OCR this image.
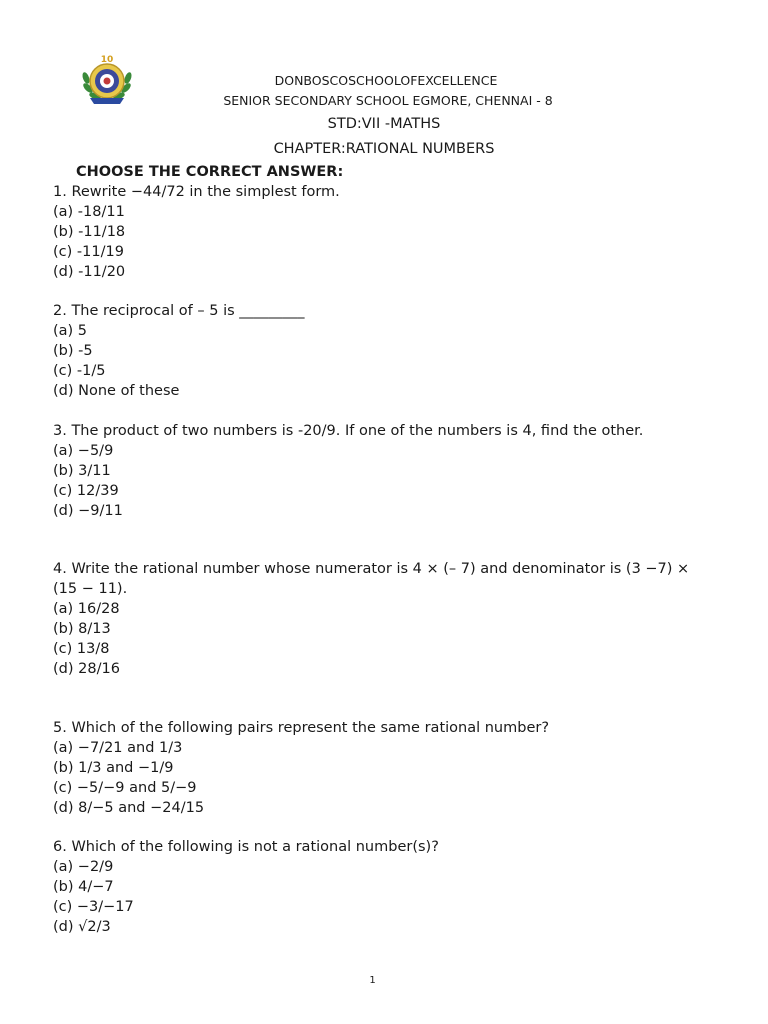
10
DONBOSCOSCHOOLOFEXCELLENCE
SENIOR SECONDARY SCHOOL EGMORE, CHENNAI - 8
STD:VII -MATHS
CHAPTER:RATIONAL NUMBERS
CHOOSE THE CORRECT ANSWER:
1. Rewrite −44/72 in the simplest form.
(a) -18/11
(b) -11/18
(c) -11/19
(d) -11/20
2. The reciprocal of – 5 is _________
(a) 5
(b) -5
(c) -1/5
(d) None of these
3. The product of two numbers is -20/9. If one of the numbers is 4, find the other.
(a) −5/9
(b) 3/11
(c) 12/39
(d) −9/11
4. Write the rational number whose numerator is 4 × (– 7) and denominator is (3 −7) × (15 − 11).
(a) 16/28
(b) 8/13
(c) 13/8
(d) 28/16
5. Which of the following pairs represent the same rational number?
(a) −7/21 and 1/3
(b) 1/3 and −1/9
(c) −5/−9 and 5/−9
(d) 8/−5 and −24/15
6. Which of the following is not a rational number(s)?
(a) −2/9
(b) 4/−7
(c) −3/−17
(d) √2/3
1
